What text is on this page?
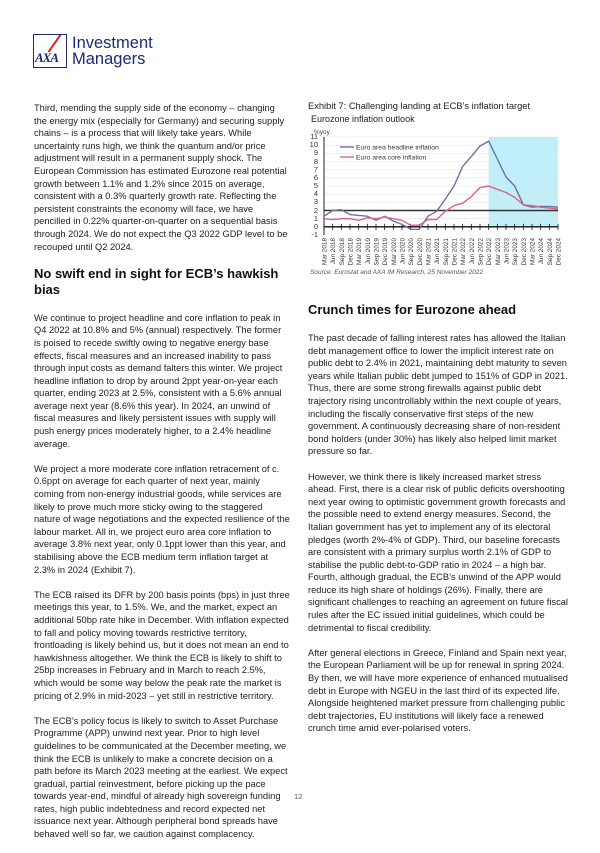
AXA
Investment
Managers

Third, mending the supply side of the economy – changing the energy mix (especially for Germany) and securing supply chains – is a process that will likely take years. While uncertainty runs high, we think the quantum and/or price adjustment will result in a permanent supply shock. The European Commission has estimated Eurozone real potential growth between 1.1% and 1.2% since 2015 on average, consistent with a 0.3% quarterly growth rate. Reflecting the persistent constraints the economy will face, we have pencilled in 0.22% quarter-on-quarter on a sequential basis through 2024. We do not expect the Q3 2022 GDP level to be recouped until Q2 2024.

No swift end in sight for ECB’s hawkish bias

We continue to project headline and core inflation to peak in Q4 2022 at 10.8% and 5% (annual) respectively. The former is poised to recede swiftly owing to negative energy base effects, fiscal measures and an increased inability to pass through input costs as demand falters this winter. We project headline inflation to drop by around 2ppt year-on-year each quarter, ending 2023 at 2.5%, consistent with a 5.6% annual average next year (8.6% this year). In 2024, an unwind of fiscal measures and likely persistent issues with supply will push energy prices moderately higher, to a 2.4% headline average.

We project a more moderate core inflation retracement of c. 0.6ppt on average for each quarter of next year, mainly coming from non-energy industrial goods, while services are likely to prove much more sticky owing to the staggered nature of wage negotiations and the expected resilience of the labour market. All in, we project euro area core inflation to average 3.8% next year, only 0.1ppt lower than this year, and stabilising above the ECB medium term inflation target at 2.3% in 2024 (Exhibit 7).

The ECB raised its DFR by 200 basis points (bps) in just three meetings this year, to 1.5%. We, and the market, expect an additional 50bp rate hike in December. With inflation expected to fall and policy moving towards restrictive territory, frontloading is likely behind us, but it does not mean an end to hawkishness altogether. We think the ECB is likely to shift to 25bp increases in February and in March to reach 2.5%, which would be some way below the peak rate the market is pricing of 2.9% in mid-2023 – yet still in restrictive territory.

The ECB’s policy focus is likely to switch to Asset Purchase Programme (APP) unwind next year. Prior to high level guidelines to be communicated at the December meeting, we think the ECB is unlikely to make a concrete decision on a path before its March 2023 meeting at the earliest. We expect gradual, partial reinvestment, before picking up the pace towards year-end, mindful of already high sovereign funding rates, high public indebtedness and record expected net issuance next year. Although peripheral bond spreads have behaved well so far, we caution against complacency.

Exhibit 7: Challenging landing at ECB’s inflation target
Eurozone inflation outlook
%yoy
-1
0
1
2
3
4
5
6
7
8
9
10
11
Euro area headline inflation
Euro area core inflation
Mar 2018 Jun 2018 Sep 2018 Dec 2018 Mar 2019 Jun 2019 Sep 2019 Dec 2019 Mar 2020 Jun 2020 Sep 2020 Dec 2020 Mar 2021 Jun 2021 Sep 2021 Dec 2021 Mar 2022 Jun 2022 Sep 2022 Dec 2022 Mar 2023 Jun 2023 Sep 2023 Dec 2023 Mar 2024 Jun 2024 Sep 2024 Dec 2024
Source: Eurostat and AXA IM Research, 25 November 2022
Crunch times for Eurozone ahead

The past decade of falling interest rates has allowed the Italian debt management office to lower the implicit interest rate on public debt to 2.4% in 2021, maintaining debt maturity to seven years while Italian public debt jumped to 151% of GDP in 2021. Thus, there are some strong firewalls against public debt trajectory rising uncontrollably within the next couple of years, including the fiscally conservative first steps of the new government. A continuously decreasing share of non-resident bond holders (under 30%) has likely also helped limit market pressure so far.

However, we think there is likely increased market stress ahead. First, there is a clear risk of public deficits overshooting next year owing to optimistic government growth forecasts and the possible need to extend energy measures. Second, the Italian government has yet to implement any of its electoral pledges (worth 2%-4% of GDP). Third, our baseline forecasts are consistent with a primary surplus worth 2.1% of GDP to stabilise the public debt-to-GDP ratio in 2024 – a high bar. Fourth, although gradual, the ECB’s unwind of the APP would reduce its high share of holdings (26%). Finally, there are significant challenges to reaching an agreement on future fiscal rules after the EC issued initial guidelines, which could be detrimental to fiscal credibility.

After general elections in Greece, Finland and Spain next year, the European Parliament will be up for renewal in spring 2024. By then, we will have more experience of enhanced mutualised debt in Europe with NGEU in the last third of its expected life. Alongside heightened market pressure from challenging public debt trajectories, EU institutions will likely face a renewed crunch time amid ever-polarised voters.

12
